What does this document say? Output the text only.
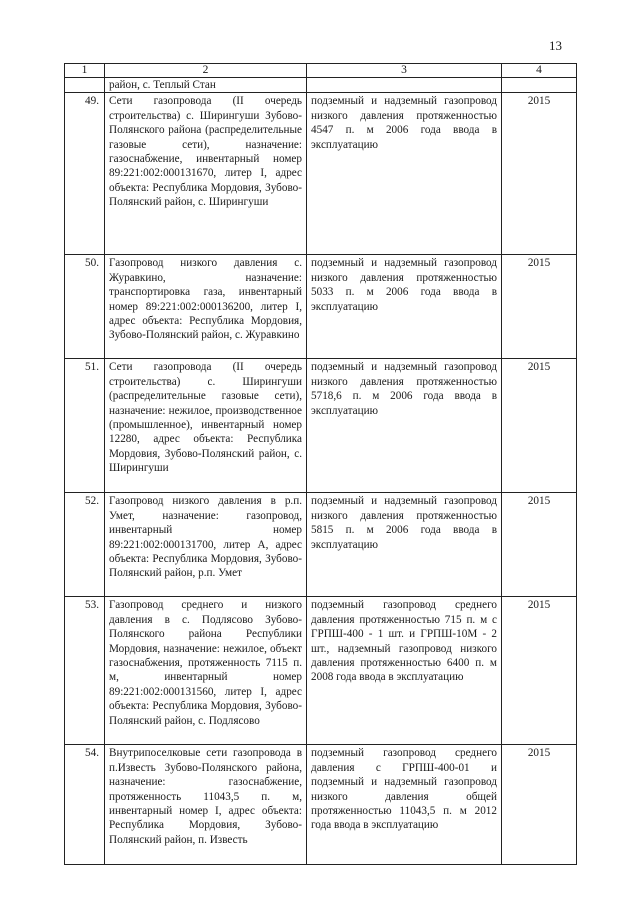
13
1	2	3	4
	район, с. Теплый Стан		
49.	Сети газопровода (II очередь строительства) с. Ширингуши Зубово-Полянского района (распределительные газовые сети), назначение: газоснабжение, инвентарный номер 89:221:002:000131670, литер I, адрес объекта: Республика Мордовия, Зубово-Полянский район, с. Ширингуши	подземный и надземный газопровод низкого давления протяженностью 4547 п. м 2006 года ввода в эксплуатацию	2015
50.	Газопровод низкого давления с. Журавкино, назначение: транспортировка газа, инвентарный номер 89:221:002:000136200, литер I, адрес объекта: Республика Мордовия, Зубово-Полянский район, с. Журавкино	подземный и надземный газопровод низкого давления протяженностью 5033 п. м 2006 года ввода в эксплуатацию	2015
51.	Сети газопровода (II очередь строительства) с. Ширингуши (распределительные газовые сети), назначение: нежилое, производственное (промышленное), инвентарный номер 12280, адрес объекта: Республика Мордовия, Зубово-Полянский район, с. Ширингуши	подземный и надземный газопровод низкого давления протяженностью 5718,6 п. м 2006 года ввода в эксплуатацию	2015
52.	Газопровод низкого давления в р.п. Умет, назначение: газопровод, инвентарный номер 89:221:002:000131700, литер А, адрес объекта: Республика Мордовия, Зубово-Полянский район, р.п. Умет	подземный и надземный газопровод низкого давления протяженностью 5815 п. м 2006 года ввода в эксплуатацию	2015
53.	Газопровод среднего и низкого давления в с. Подлясово Зубово-Полянского района Республики Мордовия, назначение: нежилое, объект газоснабжения, протяженность 7115 п. м, инвентарный номер 89:221:002:000131560, литер I, адрес объекта: Республика Мордовия, Зубово-Полянский район, с. Подлясово	подземный газопровод среднего давления протяженностью 715 п. м с ГРПШ-400 - 1 шт. и ГРПШ-10М - 2 шт., надземный газопровод низкого давления протяженностью 6400 п. м 2008 года ввода в эксплуатацию	2015
54.	Внутрипоселковые сети газопровода в п.Известь Зубово-Полянского района, назначение: газоснабжение, протяженность 11043,5 п. м, инвентарный номер I, адрес объекта: Республика Мордовия, Зубово-Полянский район, п. Известь	подземный газопровод среднего давления с ГРПШ-400-01 и подземный и надземный газопровод низкого давления общей протяженностью 11043,5 п. м 2012 года ввода в эксплуатацию	2015
